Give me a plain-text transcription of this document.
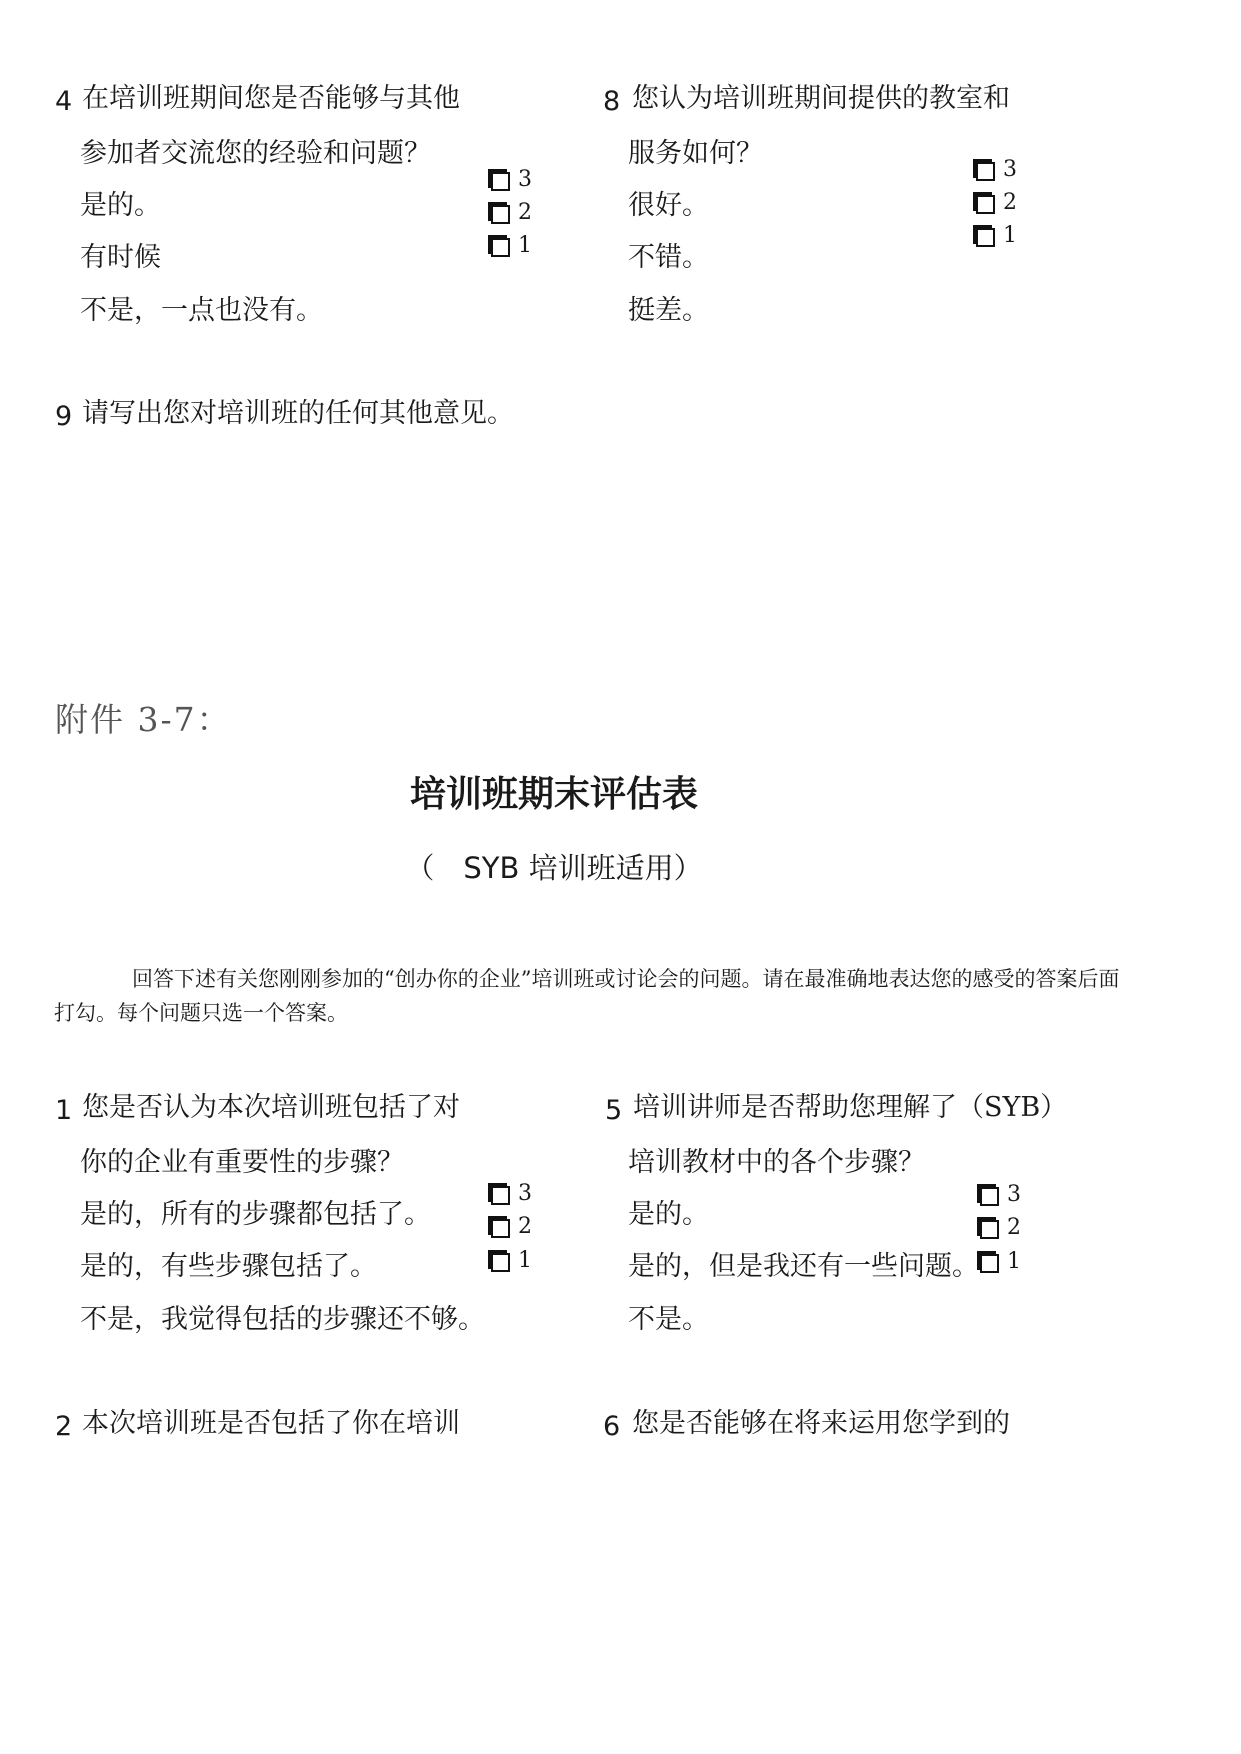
4 在培训班期间您是否能够与其他
参加者交流您的经验和问题？
是的。
有时候
不是，一点也没有。
3
2
1
8 您认为培训班期间提供的教室和
服务如何？
很好。
不错。
挺差。
3
2
1
9 请写出您对培训班的任何其他意见。
附件 3-7：
培训班期末评估表
（　SYB 培训班适用）
回答下述有关您刚刚参加的“创办你的企业”培训班或讨论会的问题。请在最准确地表达您的感受的答案后面
打勾。每个问题只选一个答案。
1 您是否认为本次培训班包括了对
你的企业有重要性的步骤？
是的，所有的步骤都包括了。
是的，有些步骤包括了。
不是，我觉得包括的步骤还不够。
3
2
1
5 培训讲师是否帮助您理解了（SYB）
培训教材中的各个步骤？
是的。
是的，但是我还有一些问题。
不是。
3
2
1
2 本次培训班是否包括了你在培训	6 您是否能够在将来运用您学到的
